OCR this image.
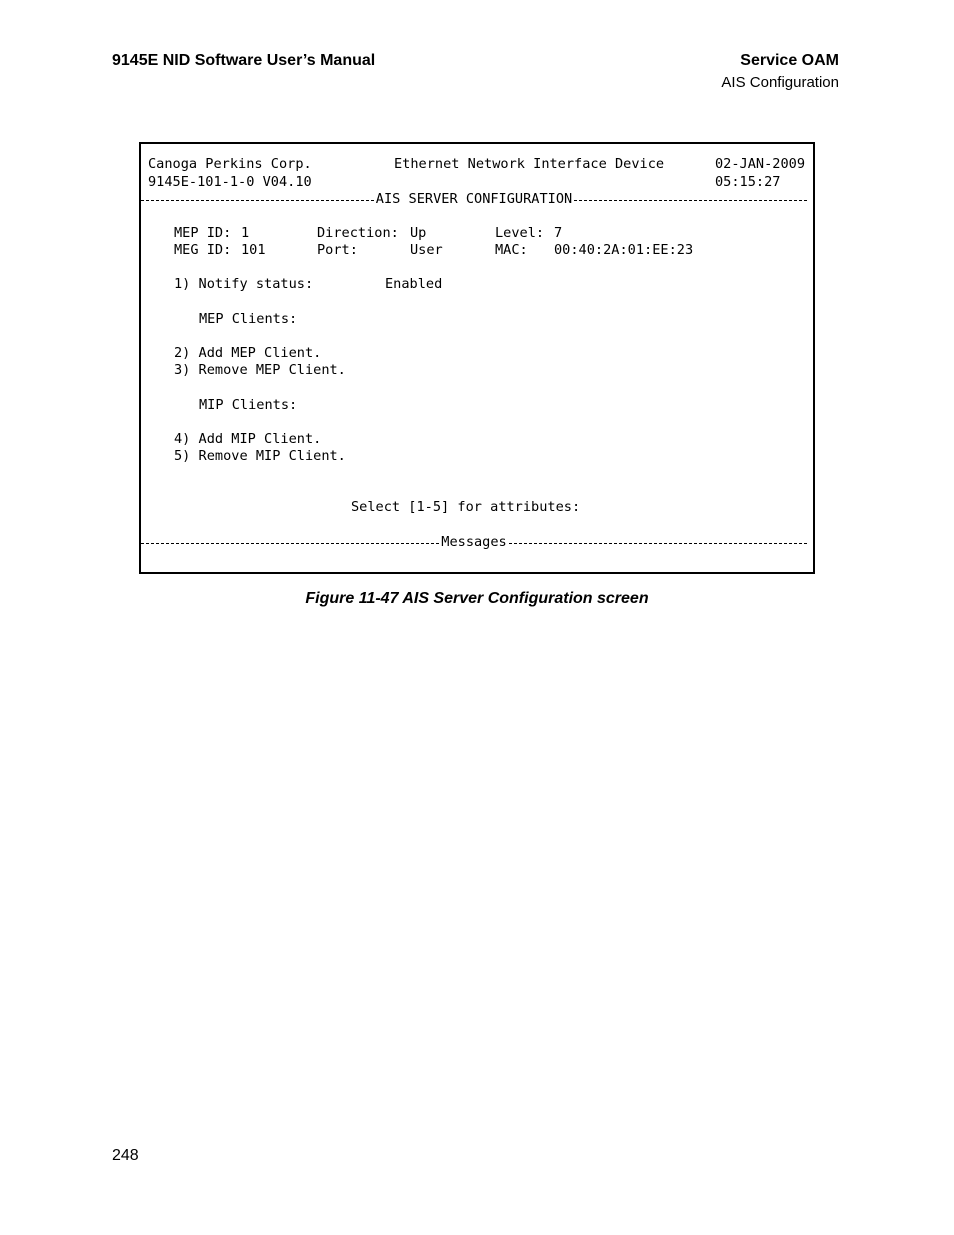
9145E NID Software User’s Manual	Service OAM
AIS Configuration
Canoga Perkins Corp.	Ethernet Network Interface Device	02-JAN-2009
9145E-101-1-0 V04.10	05:15:27
AIS SERVER CONFIGURATION
MEP ID: 1	Direction: Up	Level: 7
MEG ID: 101	Port:	User	MAC: 00:40:2A:01:EE:23
1) Notify status:	Enabled
MEP Clients:
2) Add MEP Client.
3) Remove MEP Client.
MIP Clients:
4) Add MIP Client.
5) Remove MIP Client.
Select [1-5] for attributes:
Messages
Figure 11-47 AIS Server Configuration screen
248
